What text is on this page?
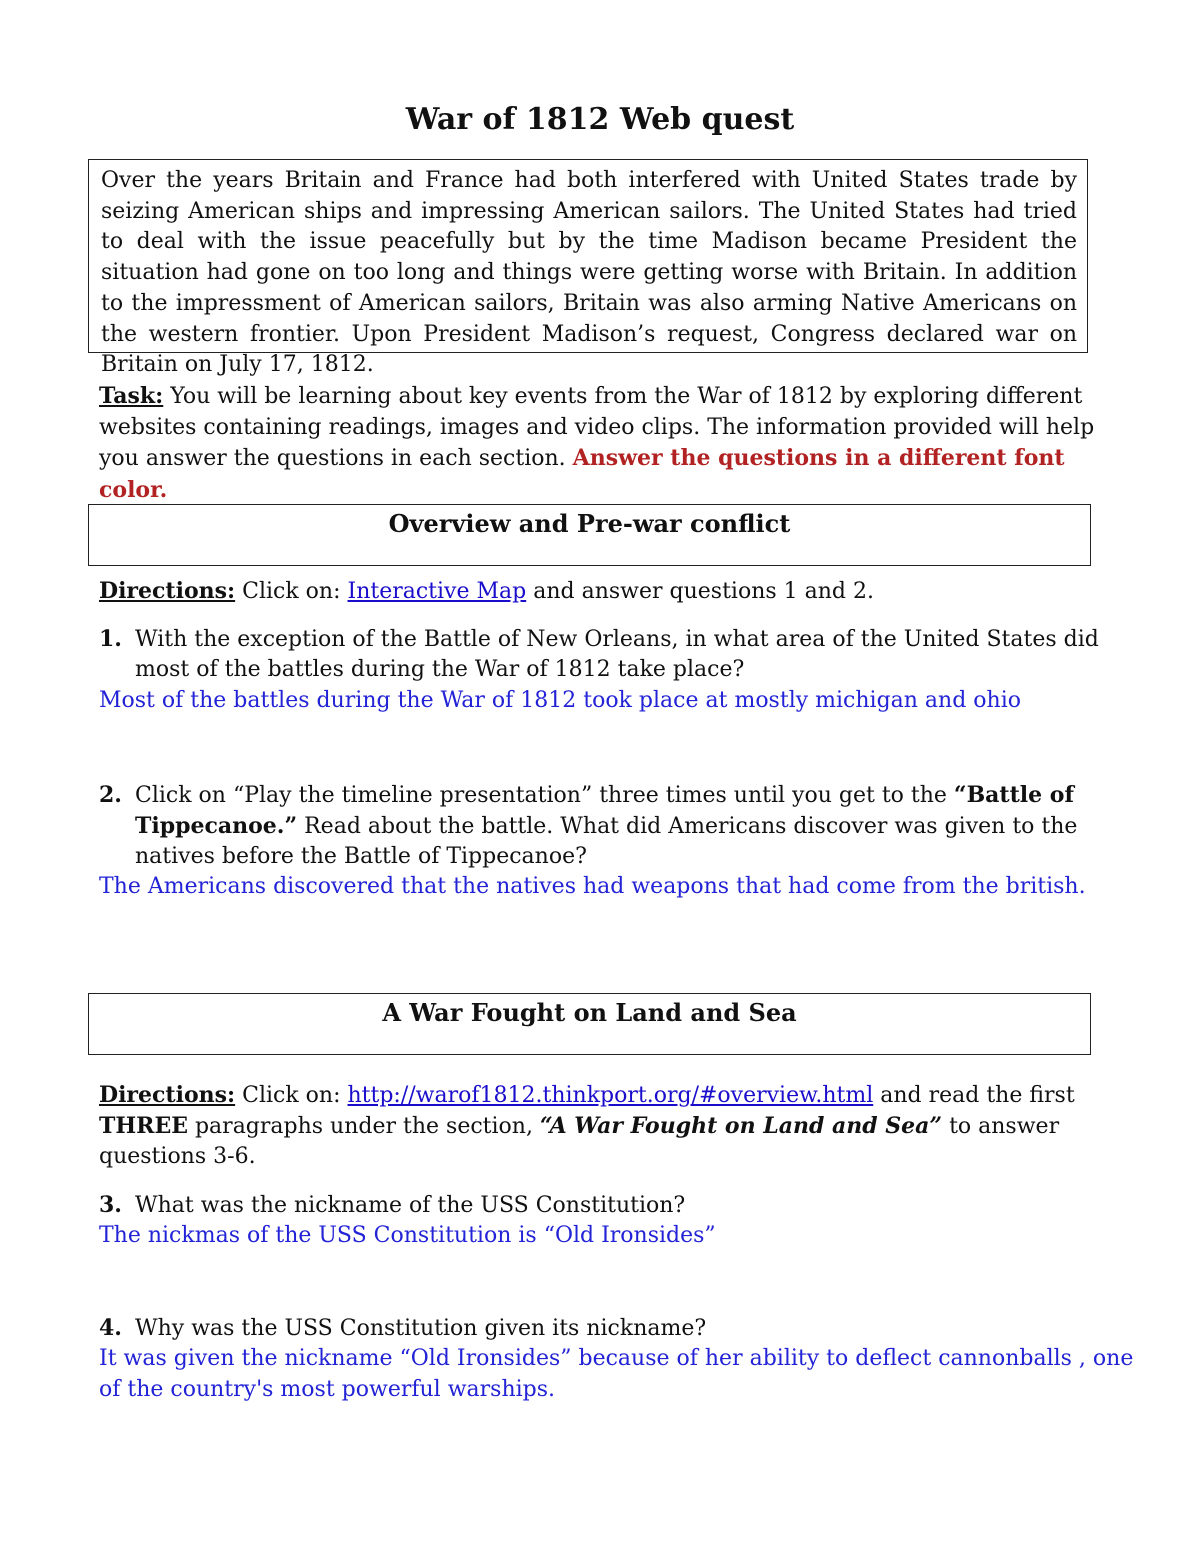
War of 1812 Web quest

Over the years Britain and France had both interfered with United States trade by seizing American ships and impressing American sailors. The United States had tried to deal with the issue peacefully but by the time Madison became President the situation had gone on too long and things were getting worse with Britain. In addition to the impressment of American sailors, Britain was also arming Native Americans on the western frontier. Upon President Madison’s request, Congress declared war on Britain on July 17, 1812.

Task: You will be learning about key events from the War of 1812 by exploring different websites containing readings, images and video clips. The information provided will help you answer the questions in each section. Answer the questions in a different font color.

Overview and Pre-war conflict
Directions: Click on: Interactive Map and answer questions 1 and 2.
1. With the exception of the Battle of New Orleans, in what area of the United States did
most of the battles during the War of 1812 take place?
Most of the battles during the War of 1812 took place at mostly michigan and ohio
2. Click on “Play the timeline presentation” three times until you get to the “Battle of
Tippecanoe.” Read about the battle. What did Americans discover was given to the
natives before the Battle of Tippecanoe?
The Americans discovered that the natives had weapons that had come from the british.
A War Fought on Land and Sea
Directions: Click on: http://warof1812.thinkport.org/#overview.html and read the first
THREE paragraphs under the section, “A War Fought on Land and Sea” to answer
questions 3-6.
3. What was the nickname of the USS Constitution?
The nickmas of the USS Constitution is “Old Ironsides”
4. Why was the USS Constitution given its nickname?
It was given the nickname “Old Ironsides” because of her ability to deflect cannonballs , one
of the country's most powerful warships.
